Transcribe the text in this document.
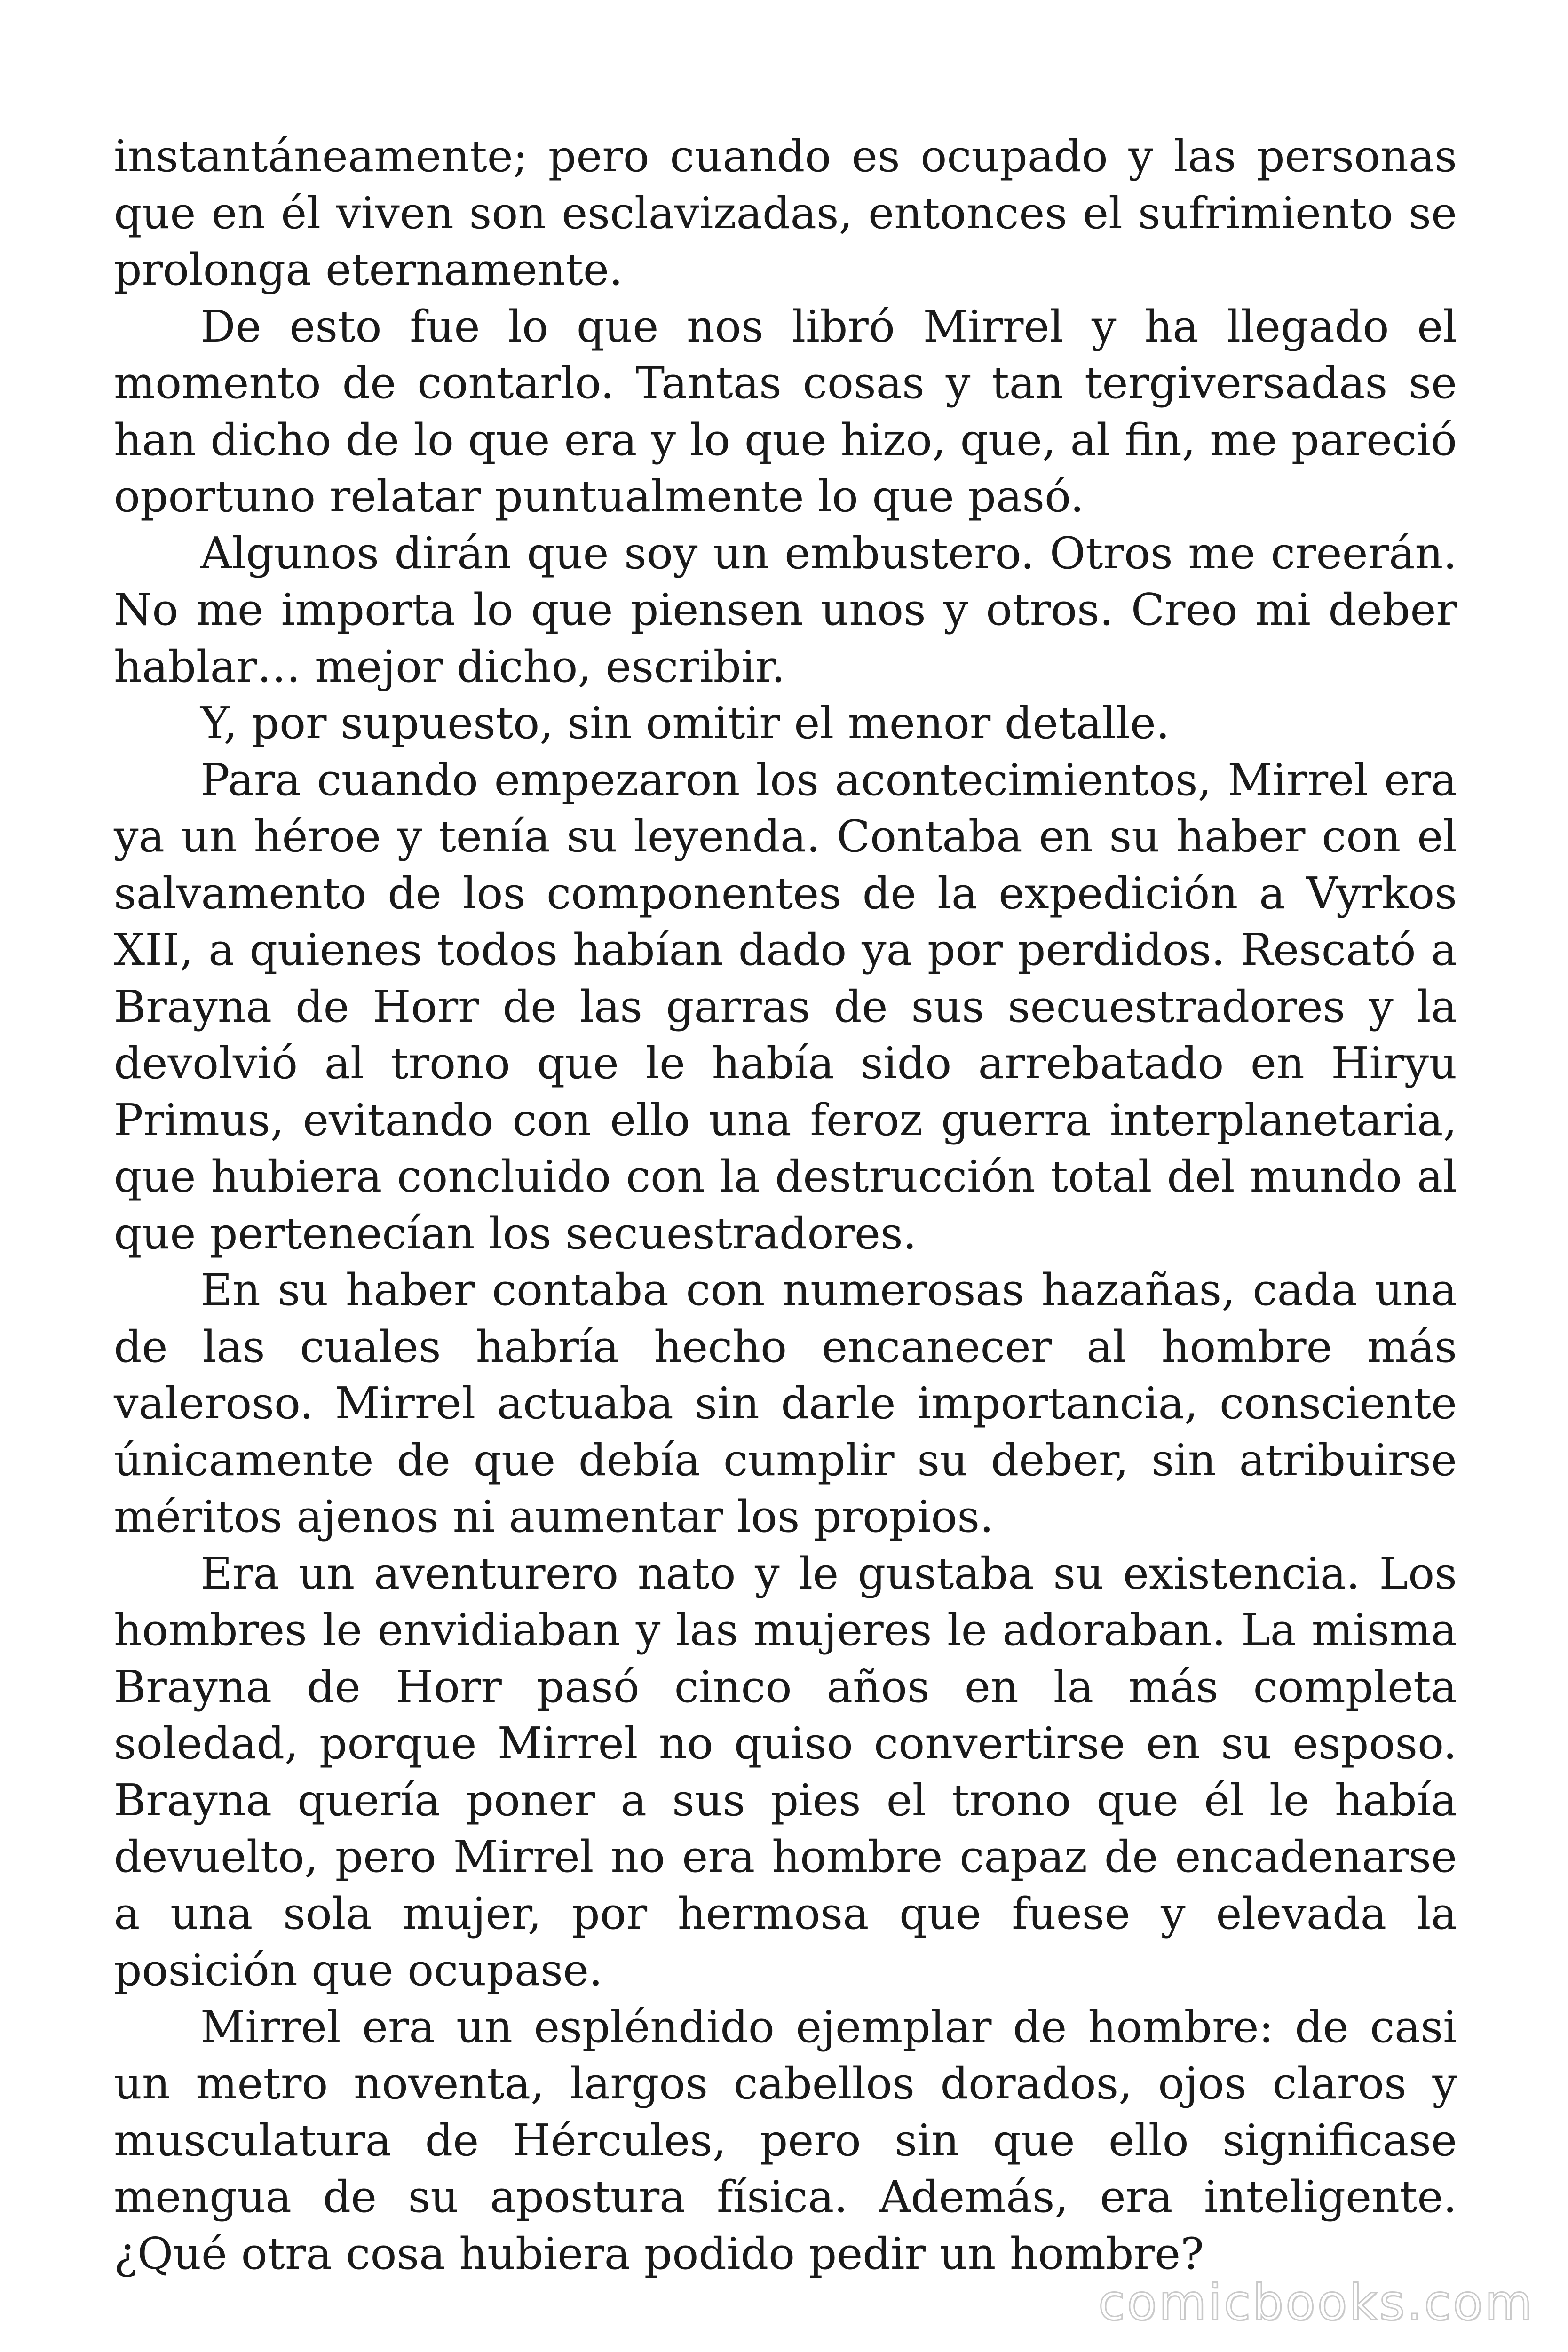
instantáneamente; pero cuando es ocupado y las personas que en él viven son esclavizadas, entonces el sufrimiento se prolonga eternamente.

De esto fue lo que nos libró Mirrel y ha llegado el momento de contarlo. Tantas cosas y tan tergiversadas se han dicho de lo que era y lo que hizo, que, al fin, me pareció oportuno relatar puntualmente lo que pasó.

Algunos dirán que soy un embustero. Otros me creerán. No me importa lo que piensen unos y otros. Creo mi deber hablar… mejor dicho, escribir.

Y, por supuesto, sin omitir el menor detalle.

Para cuando empezaron los acontecimientos, Mirrel era ya un héroe y tenía su leyenda. Contaba en su haber con el salvamento de los componentes de la expedición a Vyrkos XII, a quienes todos habían dado ya por perdidos. Rescató a Brayna de Horr de las garras de sus secuestradores y la devolvió al trono que le había sido arrebatado en Hiryu Primus, evitando con ello una feroz guerra interplanetaria, que hubiera concluido con la destrucción total del mundo al que pertenecían los secuestradores.

En su haber contaba con numerosas hazañas, cada una de las cuales habría hecho encanecer al hombre más valeroso. Mirrel actuaba sin darle importancia, consciente únicamente de que debía cumplir su deber, sin atribuirse méritos ajenos ni aumentar los propios.

Era un aventurero nato y le gustaba su existencia. Los hombres le envidiaban y las mujeres le adoraban. La misma Brayna de Horr pasó cinco años en la más completa soledad, porque Mirrel no quiso convertirse en su esposo. Brayna quería poner a sus pies el trono que él le había devuelto, pero Mirrel no era hombre capaz de encadenarse a una sola mujer, por hermosa que fuese y elevada la posición que ocupase.

Mirrel era un espléndido ejemplar de hombre: de casi un metro noventa, largos cabellos dorados, ojos claros y musculatura de Hércules, pero sin que ello significase mengua de su apostura física. Además, era inteligente. ¿Qué otra cosa hubiera podido pedir un hombre?

comicbooks.com
